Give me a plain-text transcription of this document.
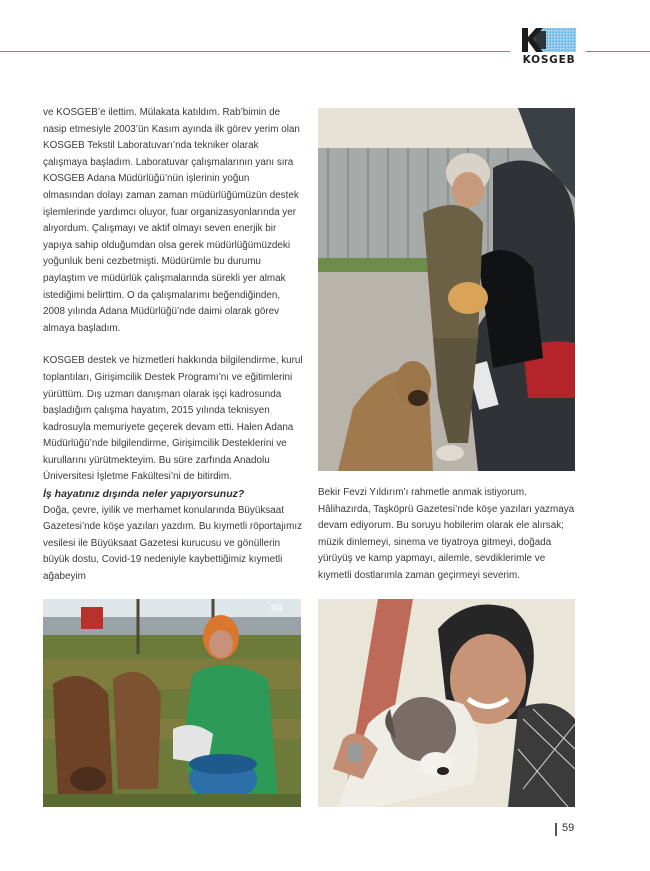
KOSGEB

ve KOSGEB’e ilettim. Mülakata katıldım. Rab’bimin de nasip etmesiyle 2003’ün Kasım ayında ilk görev yerim olan KOSGEB Tekstil Laboratuvarı’nda tekniker olarak çalışmaya başladım. Laboratuvar çalışmalarının yanı sıra KOSGEB Adana Müdürlüğü’nün işlerinin yoğun olmasından dolayı zaman zaman müdürlüğümüzün destek işlemlerinde yardımcı oluyor, fuar organizasyonlarında yer alıyordum. Çalışmayı ve aktif olmayı seven enerjik bir yapıya sahip olduğumdan olsa gerek müdürlüğümüzdeki yoğunluk beni cezbetmişti. Müdürümle bu durumu paylaştım ve müdürlük çalışmalarında sürekli yer almak istediğimi belirttim. O da çalışmalarımı beğendiğinden, 2008 yılında Adana Müdürlüğü’nde daimi olarak görev almaya başladım.

KOSGEB destek ve hizmetleri hakkında bilgilendirme, kurul toplantıları, Girişimcilik Destek Programı’nı ve eğitimlerini yürüttüm. Dış uzman danışman olarak işçi kadrosunda başladığım çalışma hayatım, 2015 yılında teknisyen kadrosuyla memuriyete geçerek devam etti. Halen Adana Müdürlüğü’nde bilgilendirme, Girişimcilik Desteklerini ve kurullarını yürütmekteyim. Bu süre zarfında Anadolu Üniversitesi İşletme Fakültesi’ni de bitirdim.

İş hayatınız dışında neler yapıyorsunuz?

Doğa, çevre, iyilik ve merhamet konularında Büyüksaat Gazetesi’nde köşe yazıları yazdım. Bu kıymetli röportajımız vesilesi ile Büyüksaat Gazetesi kurucusu ve gönüllerin büyük dostu, Covid-19 nedeniyle kaybettiğimiz kıymetli ağabeyim

Bekir Fevzi Yıldırım’ı rahmetle anmak istiyorum. Hâlihazırda, Taşköprü Gazetesi’nde köşe yazıları yazmaya devam ediyorum. Bu soruyu hobilerim olarak ele alırsak; müzik dinlemeyi, sinema ve tiyatroya gitmeyi, doğada yürüyüş ve kamp yapmayı, ailemle, sevdiklerimle ve kıymetli dostlarımla zaman geçirmeyi severim.

3/4
59
